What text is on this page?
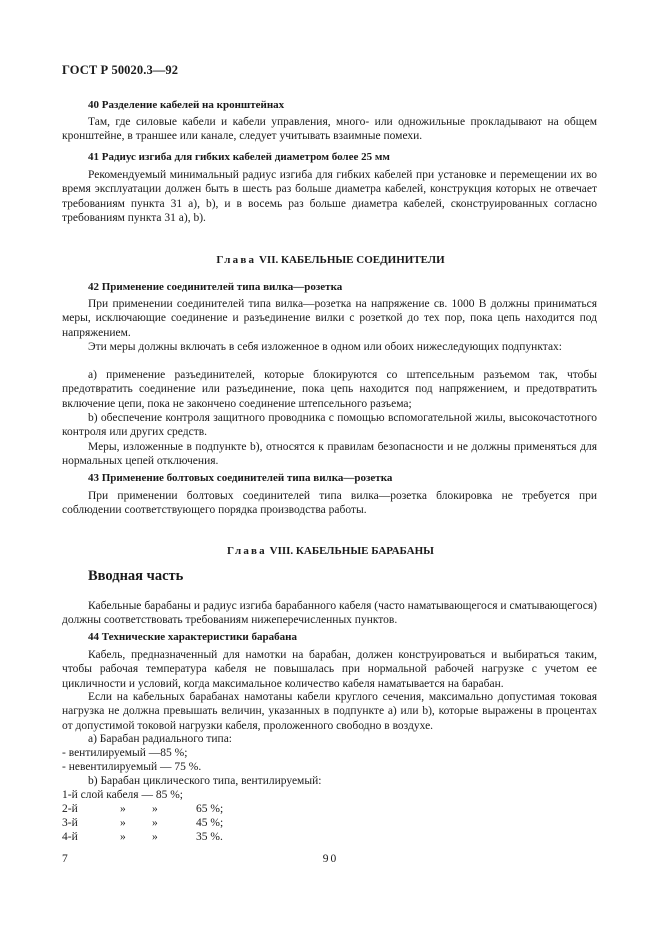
ГОСТ Р 50020.3—92
40 Разделение кабелей на кронштейнах
Там, где силовые кабели и кабели управления, много- или одножильные прокладывают на общем кронштейне, в траншее или канале, следует учитывать взаимные помехи.
41 Радиус изгиба для гибких кабелей диаметром более 25 мм
Рекомендуемый минимальный радиус изгиба для гибких кабелей при установке и перемещении их во время эксплуатации должен быть в шесть раз больше диаметра кабелей, конструкция которых не отвечает требованиям пункта 31 а), b), и в восемь раз больше диаметра кабелей, сконструированных согласно требованиям пункта 31 а), b).
Глава VII. КАБЕЛЬНЫЕ СОЕДИНИТЕЛИ
42 Применение соединителей типа вилка—розетка
При применении соединителей типа вилка—розетка на напряжение св. 1000 В должны приниматься меры, исключающие соединение и разъединение вилки с розеткой до тех пор, пока цепь находится под напряжением.
Эти меры должны включать в себя изложенное в одном или обоих нижеследующих подпунктах:
а) применение разъединителей, которые блокируются со штепсельным разъемом так, чтобы предотвратить соединение или разъединение, пока цепь находится под напряжением, и предотвратить включение цепи, пока не закончено соединение штепсельного разъема;
b) обеспечение контроля защитного проводника с помощью вспомогательной жилы, высокочастотного контроля или других средств.
Меры, изложенные в подпункте b), относятся к правилам безопасности и не должны применяться для нормальных цепей отключения.
43 Применение болтовых соединителей типа вилка—розетка
При применении болтовых соединителей типа вилка—розетка блокировка не требуется при соблюдении соответствующего порядка производства работы.
Глава VIII. КАБЕЛЬНЫЕ БАРАБАНЫ
Вводная часть
Кабельные барабаны и радиус изгиба барабанного кабеля (часто наматывающегося и сматывающегося) должны соответствовать требованиям нижеперечисленных пунктов.
44 Технические характеристики барабана
Кабель, предназначенный для намотки на барабан, должен конструироваться и выбираться таким, чтобы рабочая температура кабеля не повышалась при нормальной рабочей нагрузке с учетом ее цикличности и условий, когда максимальное количество кабеля наматывается на барабан.
Если на кабельных барабанах намотаны кабели круглого сечения, максимально допустимая токовая нагрузка не должна превышать величин, указанных в подпункте а) или b), которые выражены в процентах от допустимой токовой нагрузки кабеля, проложенного свободно в воздухе.
а) Барабан радиального типа:
- вентилируемый —85 %;
- невентилируемый — 75 %.
b) Барабан циклического типа, вентилируемый:
1-й слой кабеля — 85 %;
2-й	» »	65 %;
3-й	» »	45 %;
4-й	» »	35 %.
7	90
